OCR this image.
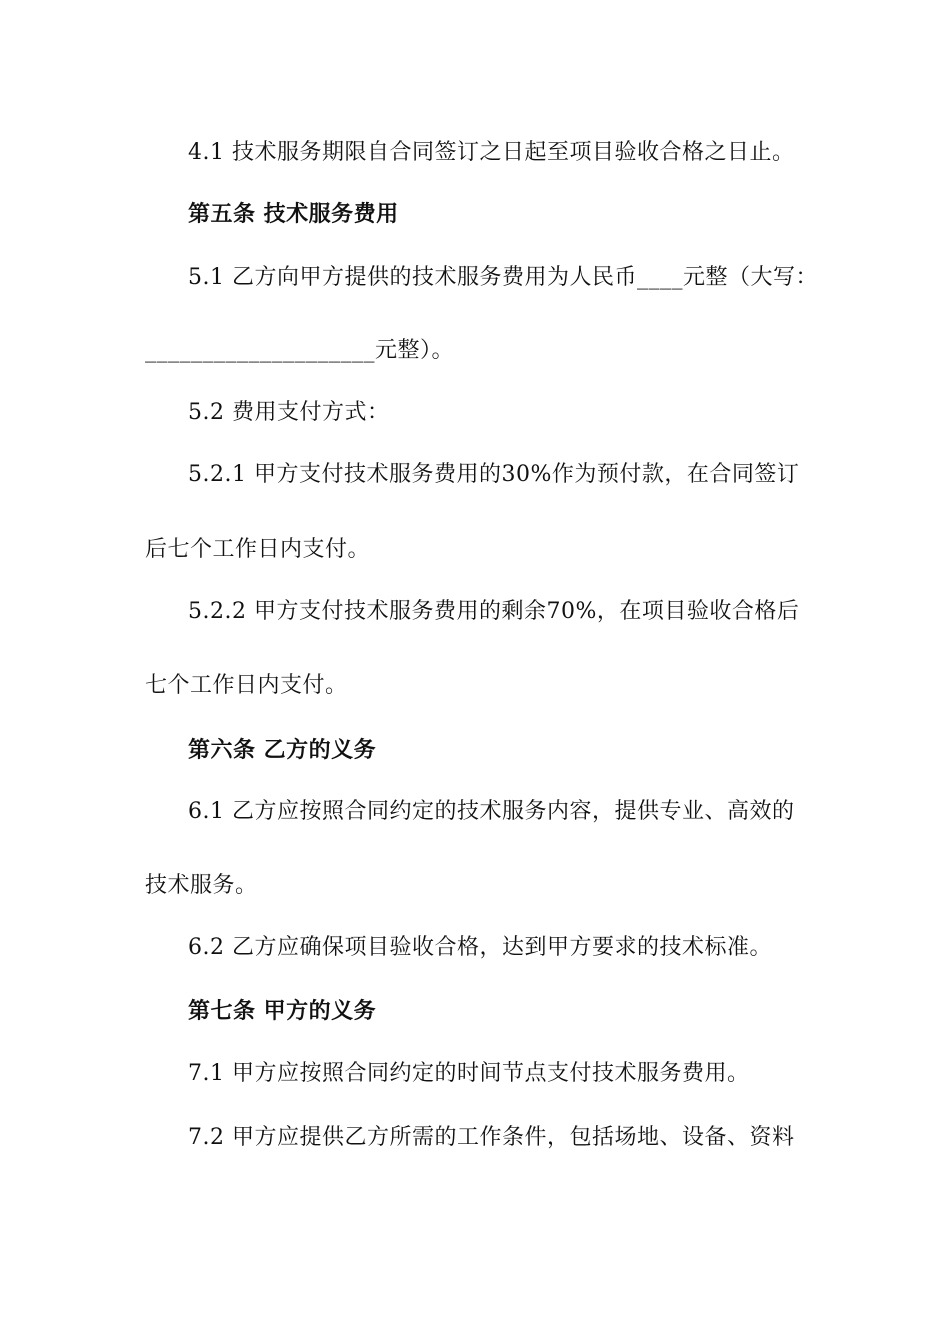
4.1 技术服务期限自合同签订之日起至项目验收合格之日止。
第五条 技术服务费用
5.1 乙方向甲方提供的技术服务费用为人民币____元整（大写：
____________________元整）。
5.2 费用支付方式：
5.2.1 甲方支付技术服务费用的30%作为预付款，在合同签订
后七个工作日内支付。
5.2.2 甲方支付技术服务费用的剩余70%，在项目验收合格后
七个工作日内支付。
第六条 乙方的义务
6.1 乙方应按照合同约定的技术服务内容，提供专业、高效的
技术服务。
6.2 乙方应确保项目验收合格，达到甲方要求的技术标准。
第七条 甲方的义务
7.1 甲方应按照合同约定的时间节点支付技术服务费用。
7.2 甲方应提供乙方所需的工作条件，包括场地、设备、资料
